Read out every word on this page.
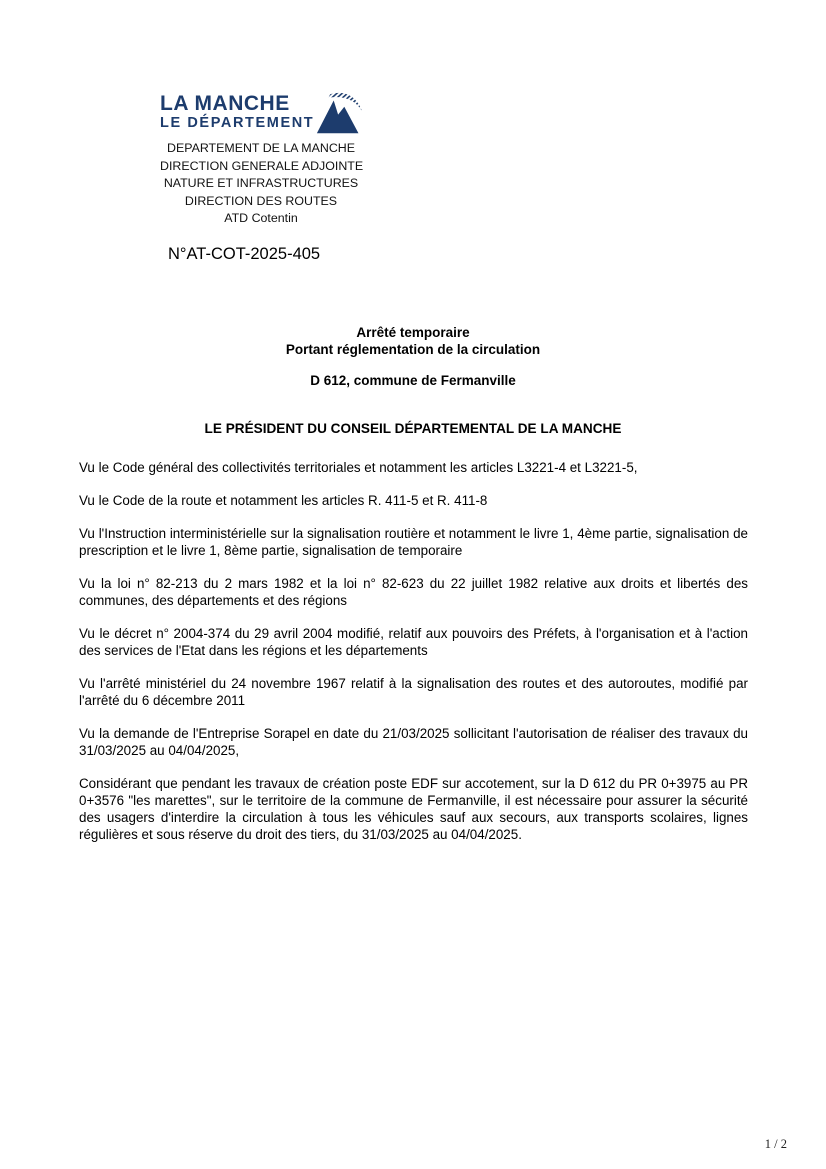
LA MANCHE
LE DÉPARTEMENT
DEPARTEMENT DE LA MANCHE
DIRECTION GENERALE ADJOINTE
NATURE ET INFRASTRUCTURES
DIRECTION DES ROUTES
ATD Cotentin
N°AT-COT-2025-405
Arrêté temporaire
Portant réglementation de la circulation
D 612, commune de Fermanville
LE PRÉSIDENT DU CONSEIL DÉPARTEMENTAL DE LA MANCHE

Vu le Code général des collectivités territoriales et notamment les articles L3221-4 et L3221-5,

Vu le Code de la route et notamment les articles R. 411-5 et R. 411-8

Vu l'Instruction interministérielle sur la signalisation routière et notamment le livre 1, 4ème partie, signalisation de prescription et le livre 1, 8ème partie, signalisation de temporaire

Vu la loi n° 82-213 du 2 mars 1982 et la loi n° 82-623 du 22 juillet 1982 relative aux droits et libertés des communes, des départements et des régions

Vu le décret n° 2004-374 du 29 avril 2004 modifié, relatif aux pouvoirs des Préfets, à l'organisation et à l'action des services de l'Etat dans les régions et les départements

Vu l'arrêté ministériel du 24 novembre 1967 relatif à la signalisation des routes et des autoroutes, modifié par l'arrêté du 6 décembre 2011

Vu la demande de l'Entreprise Sorapel en date du 21/03/2025 sollicitant l'autorisation de réaliser des travaux du 31/03/2025 au 04/04/2025,

Considérant que pendant les travaux de création poste EDF sur accotement, sur la D 612 du PR 0+3975 au PR 0+3576 "les marettes", sur le territoire de la commune de Fermanville, il est nécessaire pour assurer la sécurité des usagers d'interdire la circulation à tous les véhicules sauf aux secours, aux transports scolaires, lignes régulières et sous réserve du droit des tiers, du 31/03/2025 au 04/04/2025.

1 / 2
